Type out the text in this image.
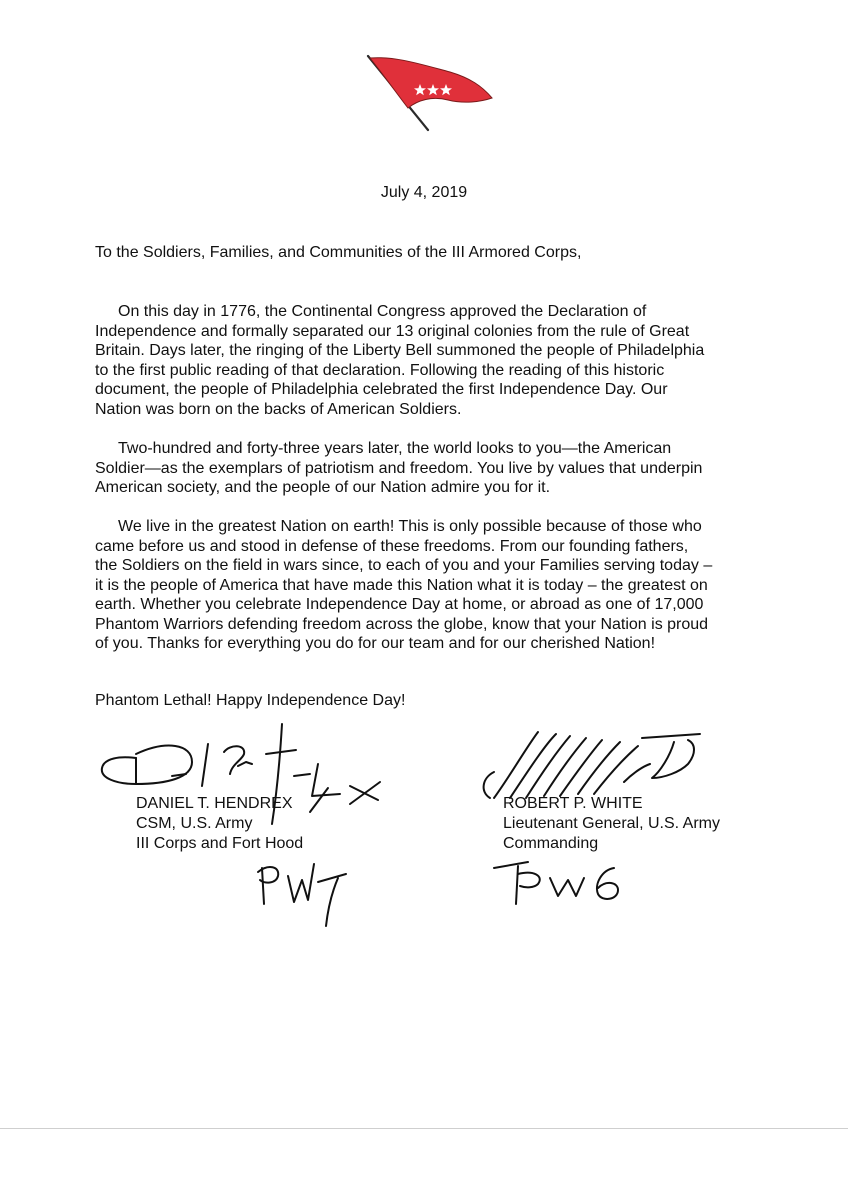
July 4, 2019
To the Soldiers, Families, and Communities of the III Armored Corps,
On this day in 1776, the Continental Congress approved the Declaration of
Independence and formally separated our 13 original colonies from the rule of Great
Britain. Days later, the ringing of the Liberty Bell summoned the people of Philadelphia
to the first public reading of that declaration. Following the reading of this historic
document, the people of Philadelphia celebrated the first Independence Day. Our
Nation was born on the backs of American Soldiers.
Two-hundred and forty-three years later, the world looks to you—the American
Soldier—as the exemplars of patriotism and freedom. You live by values that underpin
American society, and the people of our Nation admire you for it.
We live in the greatest Nation on earth! This is only possible because of those who
came before us and stood in defense of these freedoms. From our founding fathers,
the Soldiers on the field in wars since, to each of you and your Families serving today –
it is the people of America that have made this Nation what it is today – the greatest on
earth. Whether you celebrate Independence Day at home, or abroad as one of 17,000
Phantom Warriors defending freedom across the globe, know that your Nation is proud
of you. Thanks for everything you do for our team and for our cherished Nation!
Phantom Lethal! Happy Independence Day!
DANIEL T. HENDREX
CSM, U.S. Army
III Corps and Fort Hood
ROBERT P. WHITE
Lieutenant General, U.S. Army
Commanding
